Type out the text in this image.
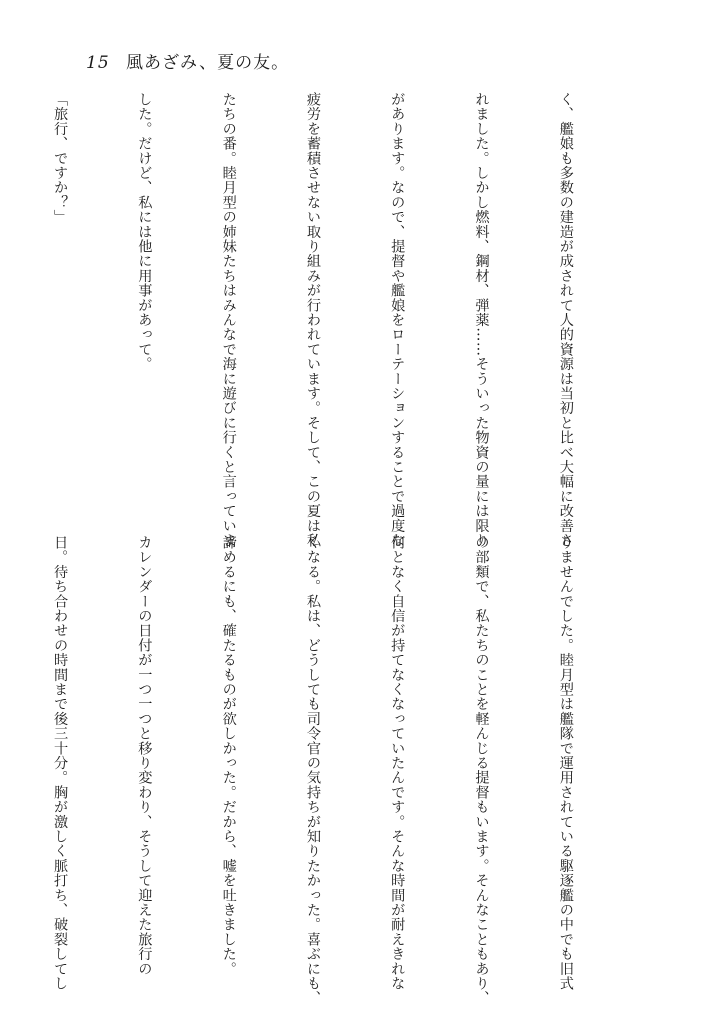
15 風あざみ、夏の友。

く、艦娘も多数の建造が成されて人的資源は当初と比べ大幅に改善さ

れました。しかし燃料、鋼材、弾薬……そういった物資の量には限り

があります。なので、提督や艦娘をローテーションすることで過度な

疲労を蓄積させない取り組みが行われています。そして、この夏は私

たちの番。睦月型の姉妹たちはみんなで海に遊びに行くと言っていま

した。だけど、私には他に用事があって。

「旅行、ですか？」

りませんでした。睦月型は艦隊で運用されている駆逐艦の中でも旧式

の部類で、私たちのことを軽んじる提督もいます。そんなこともあり、

何となく自信が持てなくなっていたんです。そんな時間が耐えきれな

くなる。私は、どうしても司令官の気持ちが知りたかった。喜ぶにも、

諦めるにも、確たるものが欲しかった。だから、嘘を吐きました。

カレンダーの日付が一つ一つと移り変わり、そうして迎えた旅行の

日。待ち合わせの時間まで後三十分。胸が激しく脈打ち、破裂してし
